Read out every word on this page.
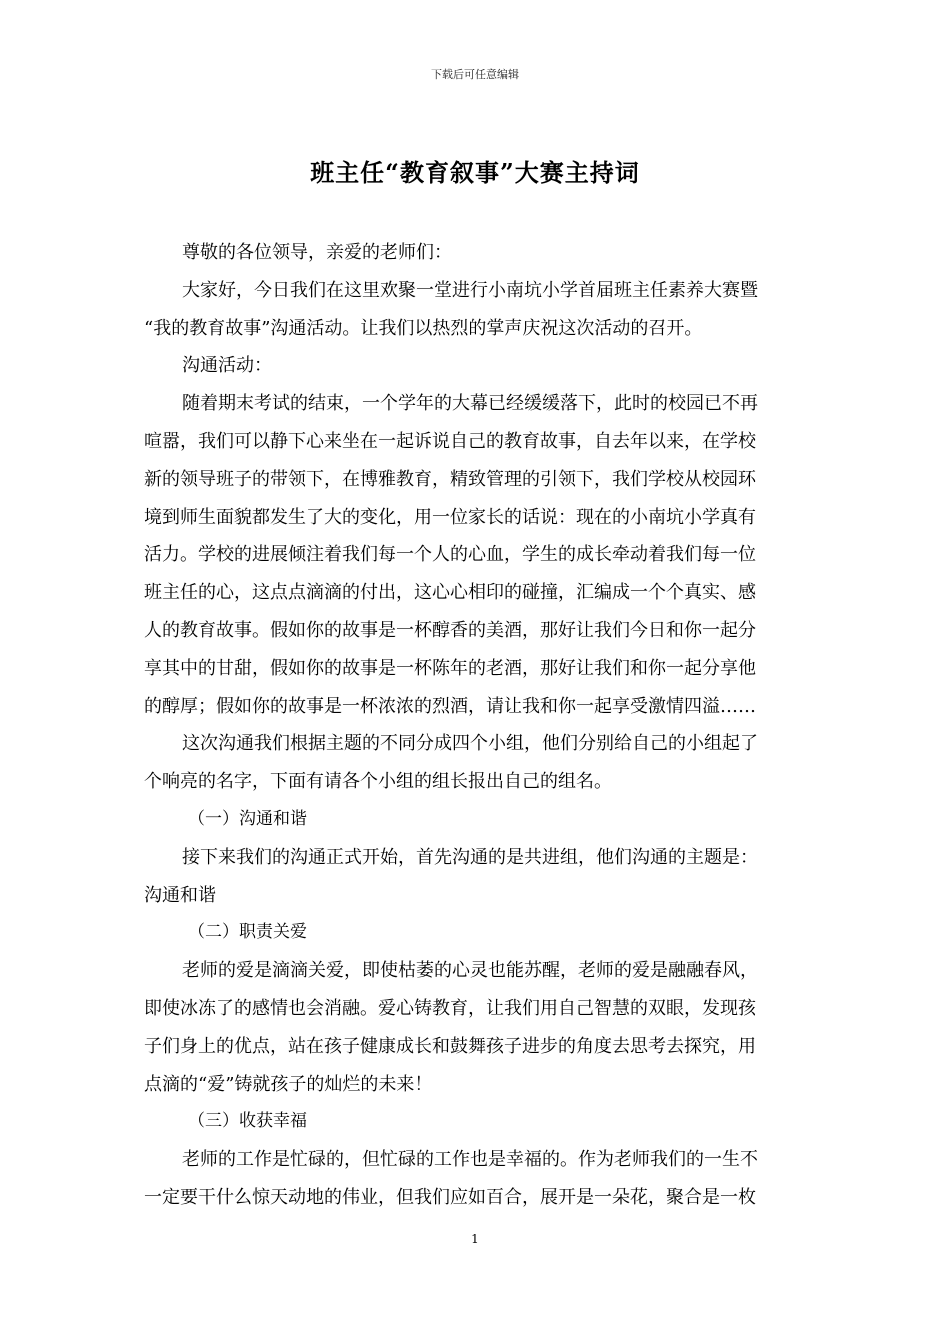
下载后可任意编辑
班主任“教育叙事”大赛主持词
尊敬的各位领导，亲爱的老师们：
大家好，今日我们在这里欢聚一堂进行小南坑小学首届班主任素养大赛暨
“我的教育故事”沟通活动。让我们以热烈的掌声庆祝这次活动的召开。
沟通活动：
随着期末考试的结束，一个学年的大幕已经缓缓落下，此时的校园已不再
喧嚣，我们可以静下心来坐在一起诉说自己的教育故事，自去年以来，在学校
新的领导班子的带领下，在博雅教育，精致管理的引领下，我们学校从校园环
境到师生面貌都发生了大的变化，用一位家长的话说：现在的小南坑小学真有
活力。学校的进展倾注着我们每一个人的心血，学生的成长牵动着我们每一位
班主任的心，这点点滴滴的付出，这心心相印的碰撞，汇编成一个个真实、感
人的教育故事。假如你的故事是一杯醇香的美酒，那好让我们今日和你一起分
享其中的甘甜，假如你的故事是一杯陈年的老酒，那好让我们和你一起分享他
的醇厚；假如你的故事是一杯浓浓的烈酒，请让我和你一起享受激情四溢……
这次沟通我们根据主题的不同分成四个小组，他们分别给自己的小组起了
个响亮的名字，下面有请各个小组的组长报出自己的组名。
（一）沟通和谐
接下来我们的沟通正式开始，首先沟通的是共进组，他们沟通的主题是：
沟通和谐
（二）职责关爱
老师的爱是滴滴关爱，即使枯萎的心灵也能苏醒，老师的爱是融融春风，
即使冰冻了的感情也会消融。爱心铸教育，让我们用自己智慧的双眼，发现孩
子们身上的优点，站在孩子健康成长和鼓舞孩子进步的角度去思考去探究，用
点滴的“爱”铸就孩子的灿烂的未来！
（三）收获幸福
老师的工作是忙碌的，但忙碌的工作也是幸福的。作为老师我们的一生不
一定要干什么惊天动地的伟业，但我们应如百合，展开是一朵花，聚合是一枚
1
